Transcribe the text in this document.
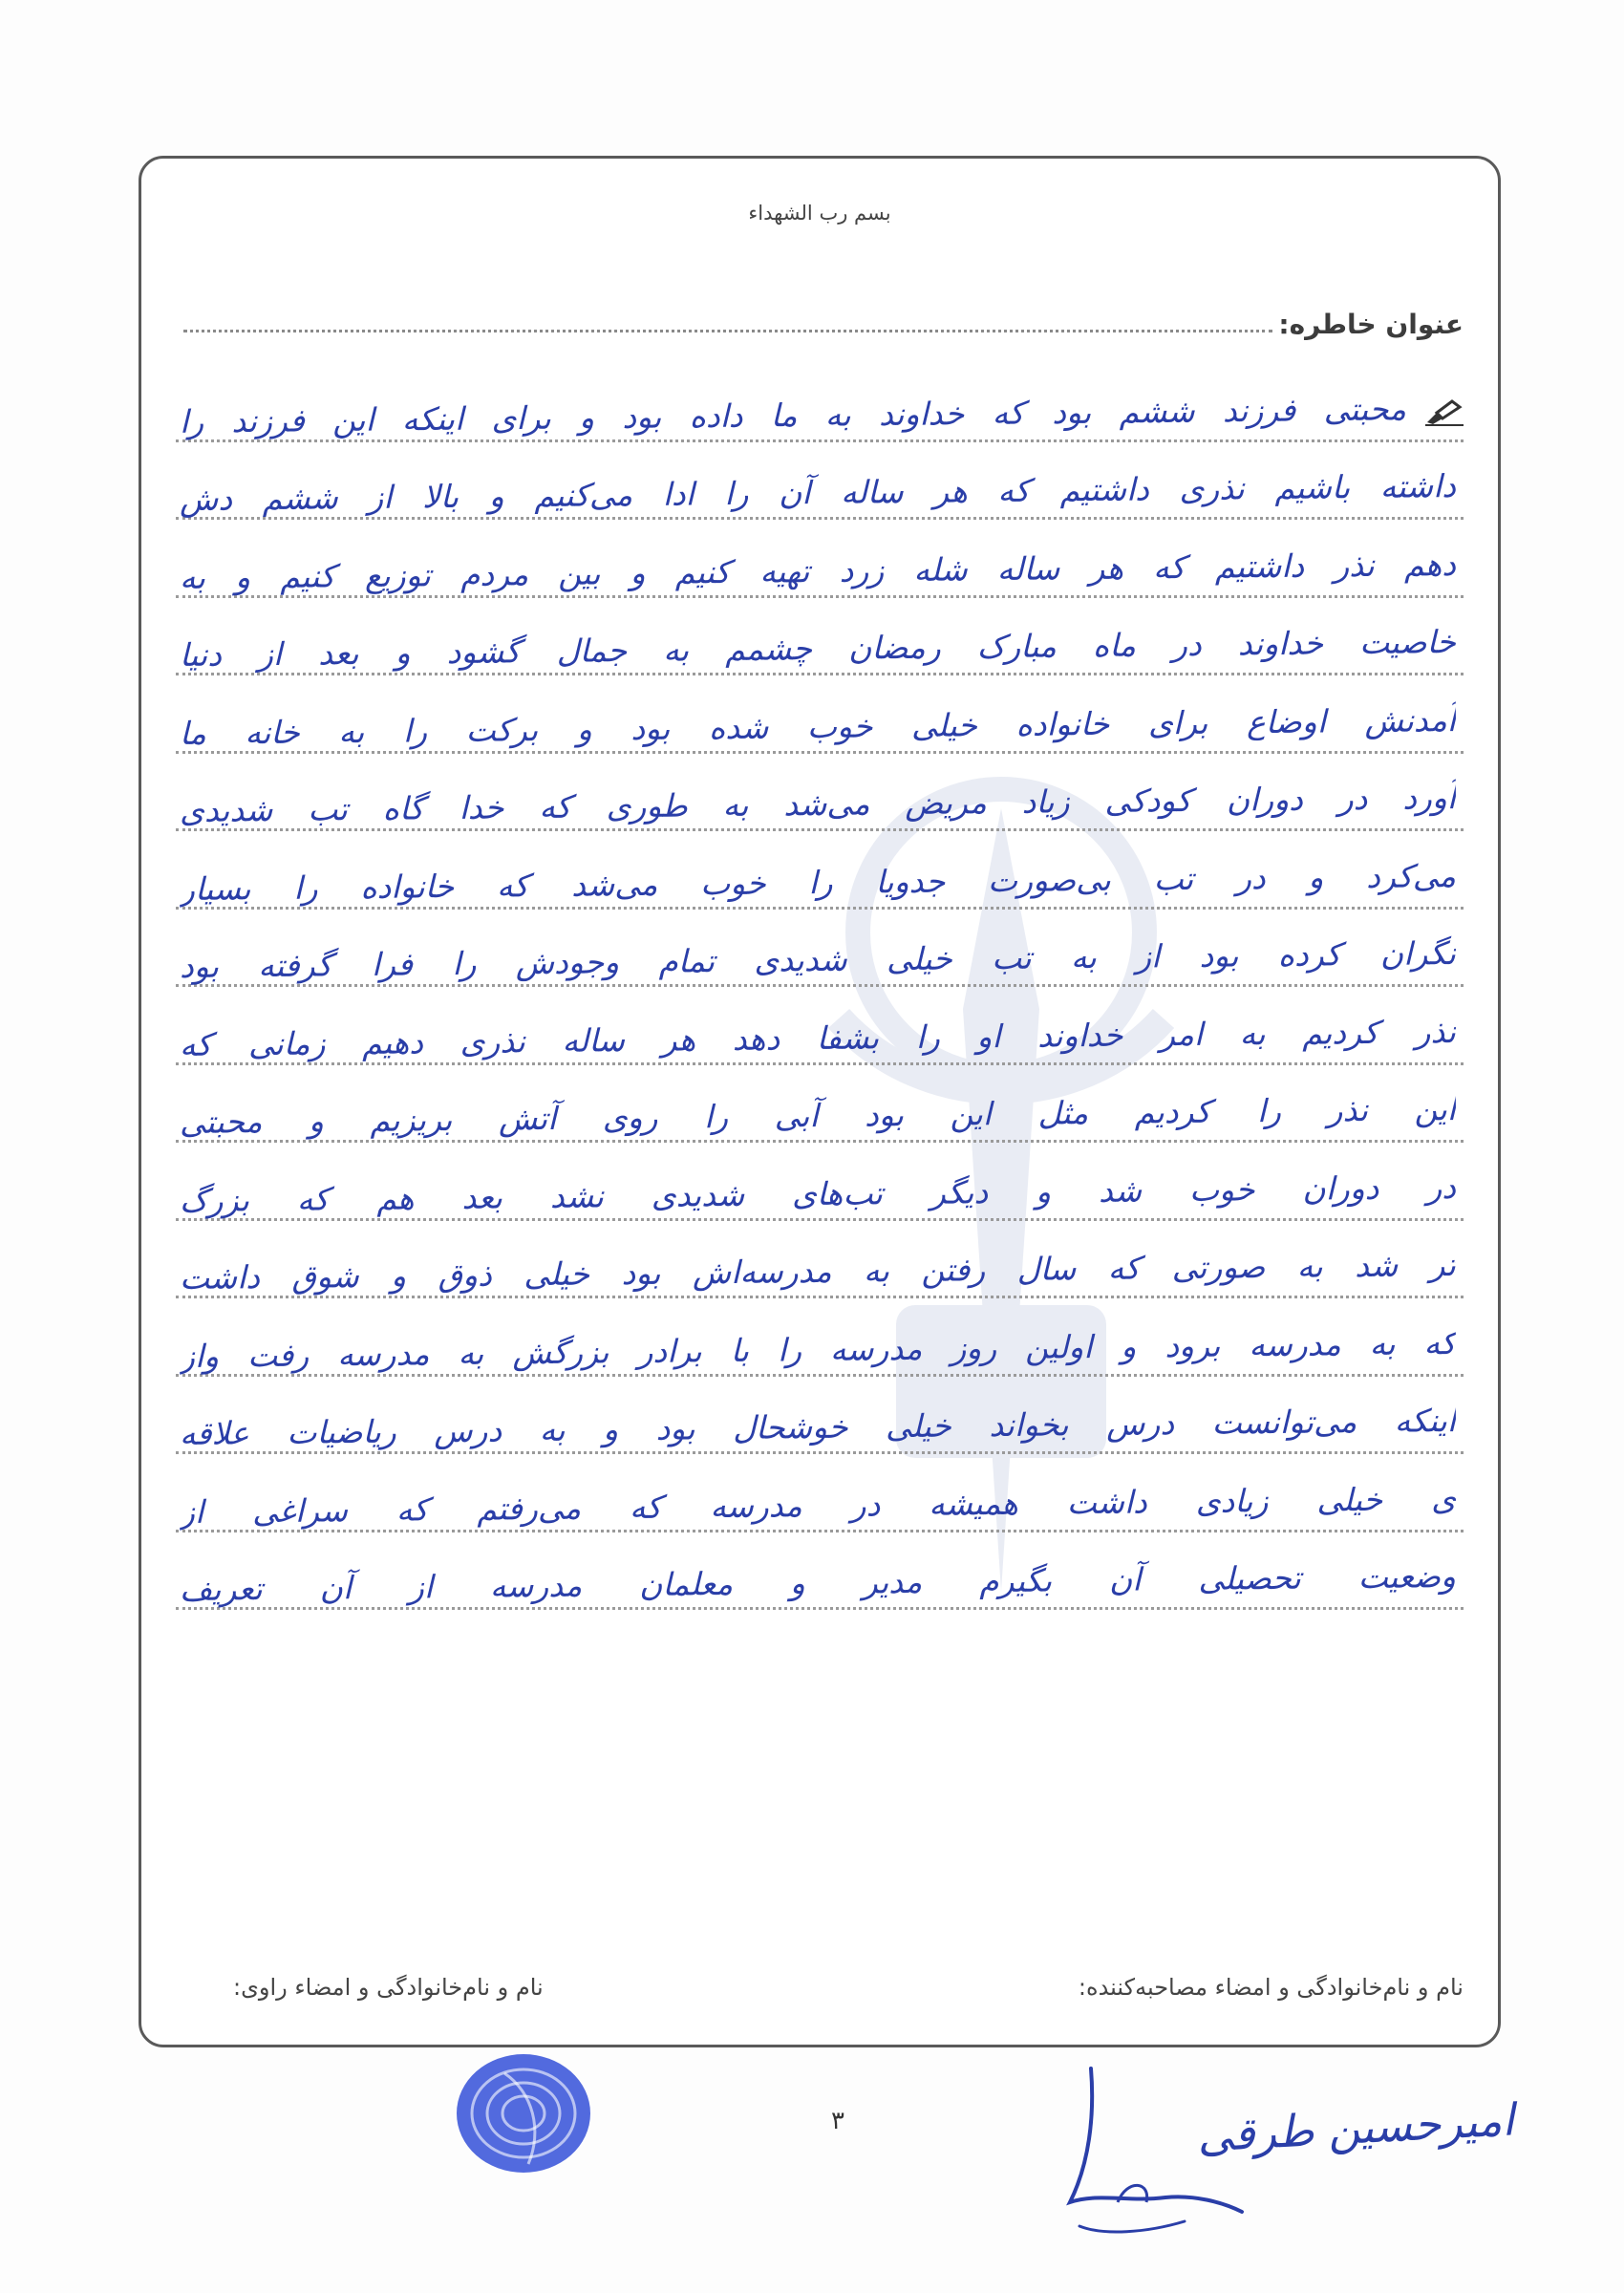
بسم رب الشهداء
عنوان خاطره:
محبتی فرزند ششم بود که خداوند به ما داده بود و برای اینکه این فرزند را
داشته باشیم نذری داشتیم که هر ساله آن را ادا می‌کنیم و بالا از ششم دش
دهم نذر داشتیم که هر ساله شله زرد تهیه کنیم و بین مردم توزیع کنیم و به
خاصیت خداوند در ماه مبارک رمضان چشمم به جمال گشود و بعد از دنیا
آمدنش اوضاع برای خانواده خیلی خوب شده بود و برکت را به خانه ما
آورد در دوران کودکی زیاد مریض می‌شد به طوری که خدا گاه تب شدیدی
می‌کرد و در تب بی‌صورت جدویا را خوب می‌شد که خانواده را بسیار
نگران کرده بود از به تب خیلی شدیدی تمام وجودش را فرا گرفته بود
نذر کردیم به امر خداوند او را بشفا دهد هر ساله نذری دهیم زمانی که
این نذر را کردیم مثل این بود آبی را روی آتش بریزیم و محبتی
در دوران خوب شد و دیگر تب‌های شدیدی نشد بعد هم که بزرگ
تر شد به صورتی که سال رفتن به مدرسه‌اش بود خیلی ذوق و شوق داشت
که به مدرسه برود و اولین روز مدرسه را با برادر بزرگش به مدرسه رفت واز
اینکه می‌توانست درس بخواند خیلی خوشحال بود و به درس ریاضیات علاقه
ی خیلی زیادی داشت همیشه در مدرسه که می‌رفتم که سراغی از
وضعیت تحصیلی آن بگیرم مدیر و معلمان مدرسه از آن تعریف
نام و نام‌خانوادگی و امضاء مصاحبه‌کننده:
نام و نام‌خانوادگی و امضاء راوی:
۳	امیرحسین طرقی
